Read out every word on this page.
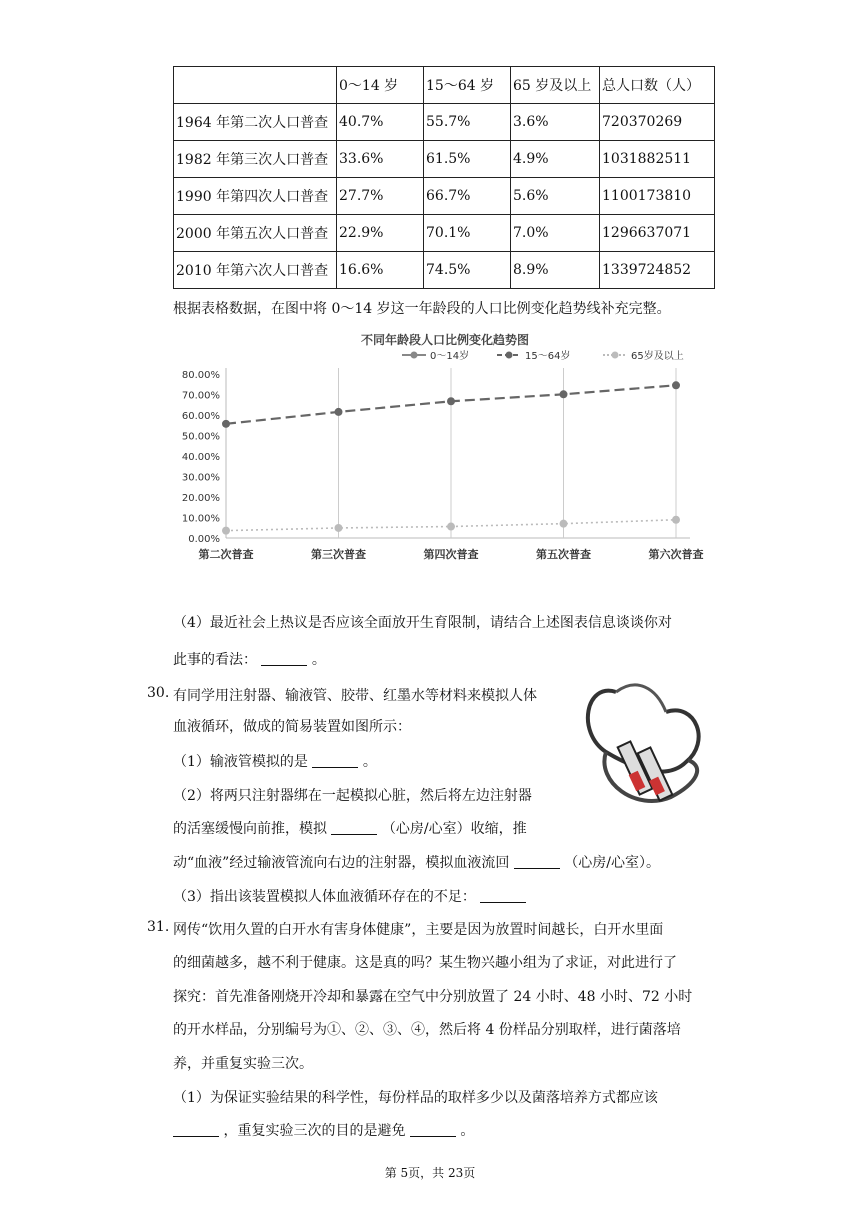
	0～14 岁	15～64 岁	65 岁及以上	总人口数（人）
1964 年第二次人口普查	40.7%	55.7%	3.6%	720370269
1982 年第三次人口普查	33.6%	61.5%	4.9%	1031882511
1990 年第四次人口普查	27.7%	66.7%	5.6%	1100173810
2000 年第五次人口普查	22.9%	70.1%	7.0%	1296637071
2010 年第六次人口普查	16.6%	74.5%	8.9%	1339724852
根据表格数据，在图中将 0～14 岁这一年龄段的人口比例变化趋势线补充完整。
不同年龄段人口比例变化趋势图
0.00%
10.00%
20.00%
30.00%
40.00%
50.00%
60.00%
70.00%
80.00%
第二次普查	第三次普查	第四次普查	第五次普查	第六次普查
0～14岁	15～64岁	65岁及以上
（4）最近社会上热议是否应该全面放开生育限制，请结合上述图表信息谈谈你对
此事的看法：	。
30. 有同学用注射器、输液管、胶带、红墨水等材料来模拟人体
血液循环，做成的简易装置如图所示：
（1）输液管模拟的是	。
（2）将两只注射器绑在一起模拟心脏，然后将左边注射器
的活塞缓慢向前推，模拟	（心房/心室）收缩，推
动“血液”经过输液管流向右边的注射器，模拟血液流回	（心房/心室）。
（3）指出该装置模拟人体血液循环存在的不足：
31. 网传“饮用久置的白开水有害身体健康”，主要是因为放置时间越长，白开水里面
的细菌越多，越不利于健康。这是真的吗？某生物兴趣小组为了求证，对此进行了
探究：首先准备刚烧开冷却和暴露在空气中分别放置了 24 小时、48 小时、72 小时
的开水样品，分别编号为①、②、③、④，然后将 4 份样品分别取样，进行菌落培
养，并重复实验三次。
（1）为保证实验结果的科学性，每份样品的取样多少以及菌落培养方式都应该
，重复实验三次的目的是避免	。
第 5页，共 23页
